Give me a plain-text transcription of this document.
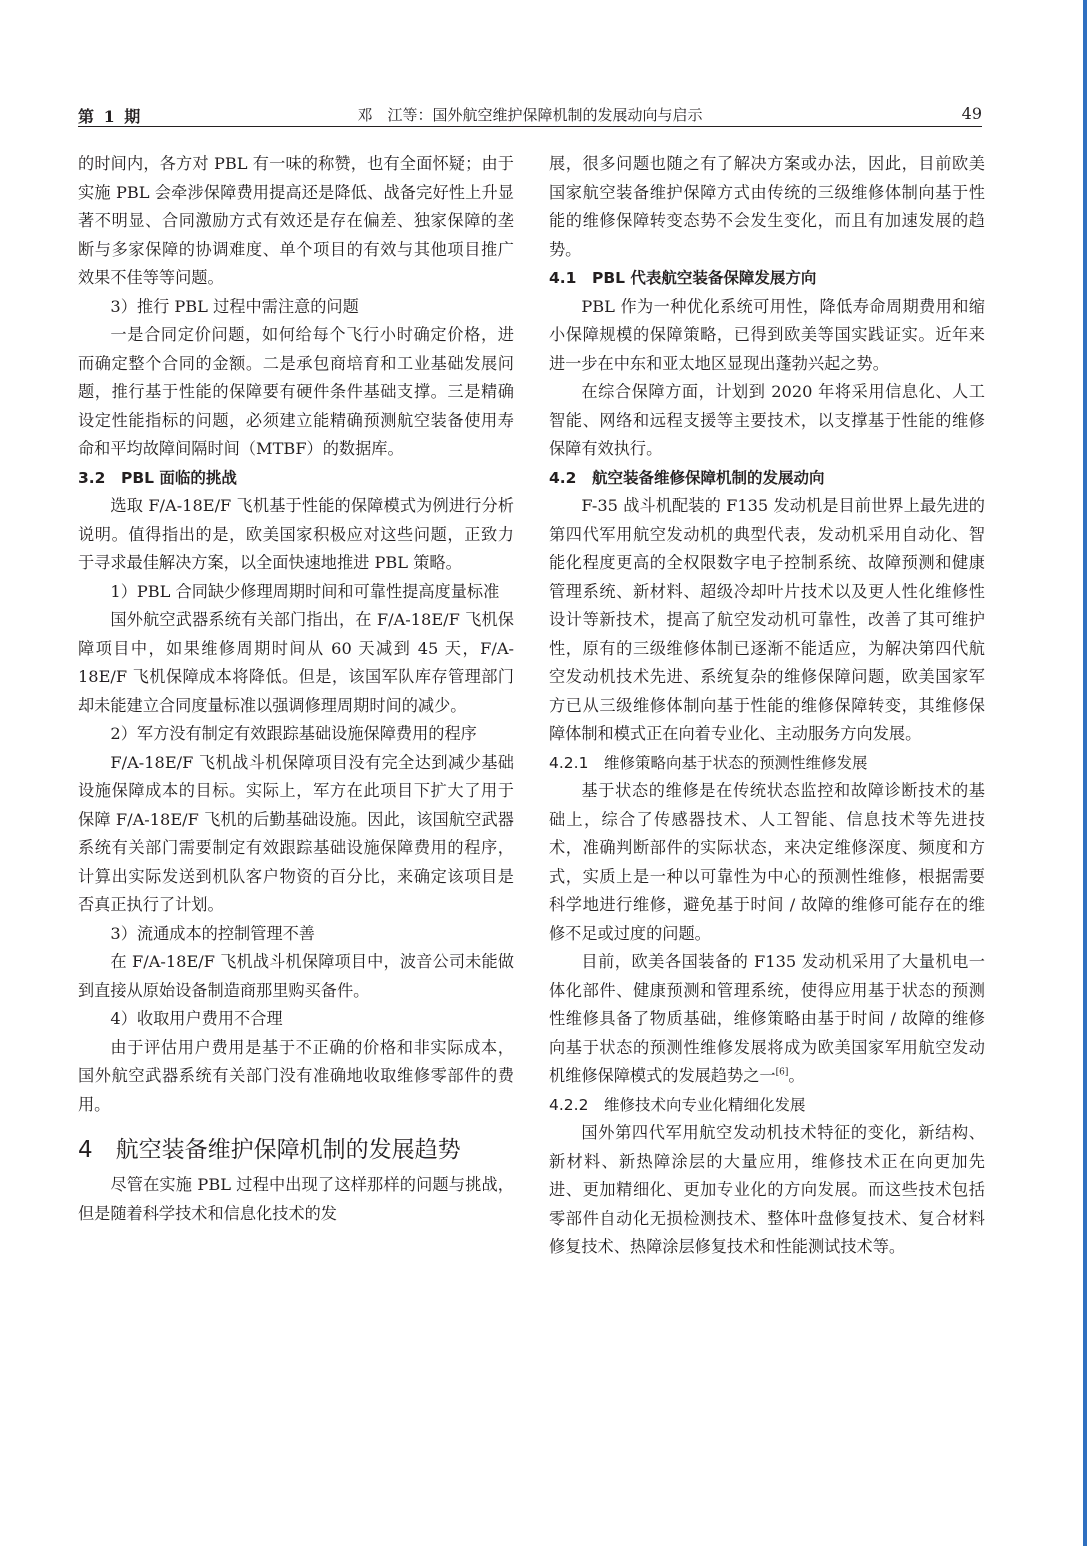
第 1 期	邓　江等：国外航空维护保障机制的发展动向与启示	49

的时间内，各方对 PBL 有一味的称赞，也有全面怀疑；由于实施 PBL 会牵涉保障费用提高还是降低、战备完好性上升显著不明显、合同激励方式有效还是存在偏差、独家保障的垄断与多家保障的协调难度、单个项目的有效与其他项目推广效果不佳等等问题。

3）推行 PBL 过程中需注意的问题

一是合同定价问题，如何给每个飞行小时确定价格，进而确定整个合同的金额。二是承包商培育和工业基础发展问题，推行基于性能的保障要有硬件条件基础支撑。三是精确设定性能指标的问题，必须建立能精确预测航空装备使用寿命和平均故障间隔时间（MTBF）的数据库。

3.2　PBL 面临的挑战

选取 F/A-18E/F 飞机基于性能的保障模式为例进行分析说明。值得指出的是，欧美国家积极应对这些问题，正致力于寻求最佳解决方案，以全面快速地推进 PBL 策略。

1）PBL 合同缺少修理周期时间和可靠性提高度量标准

国外航空武器系统有关部门指出，在 F/A-18E/F 飞机保障项目中，如果维修周期时间从 60 天减到 45 天，F/A-18E/F 飞机保障成本将降低。但是，该国军队库存管理部门却未能建立合同度量标准以强调修理周期时间的减少。

2）军方没有制定有效跟踪基础设施保障费用的程序

F/A-18E/F 飞机战斗机保障项目没有完全达到减少基础设施保障成本的目标。实际上，军方在此项目下扩大了用于保障 F/A-18E/F 飞机的后勤基础设施。因此，该国航空武器系统有关部门需要制定有效跟踪基础设施保障费用的程序，计算出实际发送到机队客户物资的百分比，来确定该项目是否真正执行了计划。

3）流通成本的控制管理不善

在 F/A-18E/F 飞机战斗机保障项目中，波音公司未能做到直接从原始设备制造商那里购买备件。

4）收取用户费用不合理

由于评估用户费用是基于不正确的价格和非实际成本，国外航空武器系统有关部门没有准确地收取维修零部件的费用。

4　航空装备维护保障机制的发展趋势

尽管在实施 PBL 过程中出现了这样那样的问题与挑战，但是随着科学技术和信息化技术的发

展，很多问题也随之有了解决方案或办法，因此，目前欧美国家航空装备维护保障方式由传统的三级维修体制向基于性能的维修保障转变态势不会发生变化，而且有加速发展的趋势。

4.1　PBL 代表航空装备保障发展方向

PBL 作为一种优化系统可用性，降低寿命周期费用和缩小保障规模的保障策略，已得到欧美等国实践证实。近年来进一步在中东和亚太地区显现出蓬勃兴起之势。

在综合保障方面，计划到 2020 年将采用信息化、人工智能、网络和远程支援等主要技术，以支撑基于性能的维修保障有效执行。

4.2　航空装备维修保障机制的发展动向

F-35 战斗机配装的 F135 发动机是目前世界上最先进的第四代军用航空发动机的典型代表，发动机采用自动化、智能化程度更高的全权限数字电子控制系统、故障预测和健康管理系统、新材料、超级冷却叶片技术以及更人性化维修性设计等新技术，提高了航空发动机可靠性，改善了其可维护性，原有的三级维修体制已逐渐不能适应，为解决第四代航空发动机技术先进、系统复杂的维修保障问题，欧美国家军方已从三级维修体制向基于性能的维修保障转变，其维修保障体制和模式正在向着专业化、主动服务方向发展。

4.2.1　维修策略向基于状态的预测性维修发展

基于状态的维修是在传统状态监控和故障诊断技术的基础上，综合了传感器技术、人工智能、信息技术等先进技术，准确判断部件的实际状态，来决定维修深度、频度和方式，实质上是一种以可靠性为中心的预测性维修，根据需要科学地进行维修，避免基于时间 / 故障的维修可能存在的维修不足或过度的问题。

目前，欧美各国装备的 F135 发动机采用了大量机电一体化部件、健康预测和管理系统，使得应用基于状态的预测性维修具备了物质基础，维修策略由基于时间 / 故障的维修向基于状态的预测性维修发展将成为欧美国家军用航空发动机维修保障模式的发展趋势之一[6]。

4.2.2　维修技术向专业化精细化发展

国外第四代军用航空发动机技术特征的变化，新结构、新材料、新热障涂层的大量应用，维修技术正在向更加先进、更加精细化、更加专业化的方向发展。而这些技术包括零部件自动化无损检测技术、整体叶盘修复技术、复合材料修复技术、热障涂层修复技术和性能测试技术等。
